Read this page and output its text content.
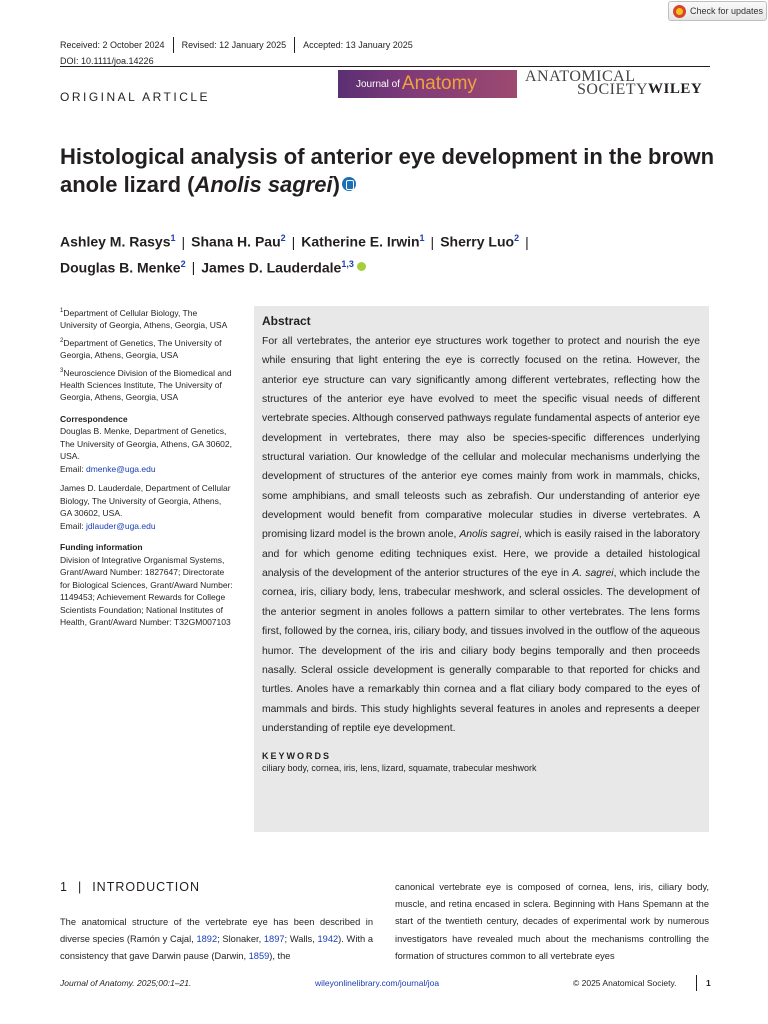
Check for updates
Received: 2 October 2024 Revised: 12 January 2025 Accepted: 13 January 2025
DOI: 10.1111/joa.14226
ORIGINAL ARTICLE
Journal of Anatomy	ANATOMICAL
SOCIETY WILEY
Histological analysis of anterior eye development in the brown anole lizard (Anolis sagrei)
Ashley M. Rasys$^1$ | Shana H. Pau$^2$ | Katherine E. Irwin$^1$ | Sherry Luo$^2$ |
Douglas B. Menke$^2$ | James D. Lauderdale$^{1,3}$

$^1$Department of Cellular Biology, The University of Georgia, Athens, Georgia, USA

$^2$Department of Genetics, The University of Georgia, Athens, Georgia, USA

$^3$Neuroscience Division of the Biomedical and Health Sciences Institute, The University of Georgia, Athens, Georgia, USA

Correspondence

Douglas B. Menke, Department of Genetics, The University of Georgia, Athens, GA 30602, USA.
Email: dmenke@uga.edu

James D. Lauderdale, Department of Cellular Biology, The University of Georgia, Athens, GA 30602, USA.
Email: jdlauder@uga.edu

Funding information

Division of Integrative Organismal Systems, Grant/Award Number: 1827647; Directorate for Biological Sciences, Grant/Award Number: 1149453; Achievement Rewards for College Scientists Foundation; National Institutes of Health, Grant/Award Number: T32GM007103

Abstract
For all vertebrates, the anterior eye structures work together to protect and nourish the eye while ensuring that light entering the eye is correctly focused on the retina. However, the anterior eye structure can vary significantly among different vertebrates, reflecting how the structures of the anterior eye have evolved to meet the specific visual needs of different vertebrate species. Although conserved pathways regulate fundamental aspects of anterior eye development in vertebrates, there may also be species-specific differences underlying structural variation. Our knowledge of the cellular and molecular mechanisms underlying the development of structures of the anterior eye comes mainly from work in mammals, chicks, some amphibians, and small teleosts such as zebrafish. Our understanding of anterior eye development would benefit from comparative molecular studies in diverse vertebrates. A promising lizard model is the brown anole, Anolis sagrei, which is easily raised in the laboratory and for which genome editing techniques exist. Here, we provide a detailed histological analysis of the development of the anterior structures of the eye in A. sagrei, which include the cornea, iris, ciliary body, lens, trabecular meshwork, and scleral ossicles. The development of the anterior segment in anoles follows a pattern similar to other vertebrates. The lens forms first, followed by the cornea, iris, ciliary body, and tissues involved in the outflow of the aqueous humor. The development of the iris and ciliary body begins temporally and then proceeds nasally. Scleral ossicle development is generally comparable to that reported for chicks and turtles. Anoles have a remarkably thin cornea and a flat ciliary body compared to the eyes of mammals and birds. This study highlights several features in anoles and represents a deeper understanding of reptile eye development.
KEYWORDS
ciliary body, cornea, iris, lens, lizard, squamate, trabecular meshwork
1 | INTRODUCTION
The anatomical structure of the vertebrate eye has been described in diverse species (Ramón y Cajal, 1892; Slonaker, 1897; Walls, 1942). With a consistency that gave Darwin pause (Darwin, 1859), the
canonical vertebrate eye is composed of cornea, lens, iris, ciliary body, muscle, and retina encased in sclera. Beginning with Hans Spemann at the start of the twentieth century, decades of experimental work by numerous investigators have revealed much about the mechanisms controlling the formation of structures common to all vertebrate eyes
Journal of Anatomy. 2025;00:1–21.	wileyonlinelibrary.com/journal/joa	© 2025 Anatomical Society.	1
